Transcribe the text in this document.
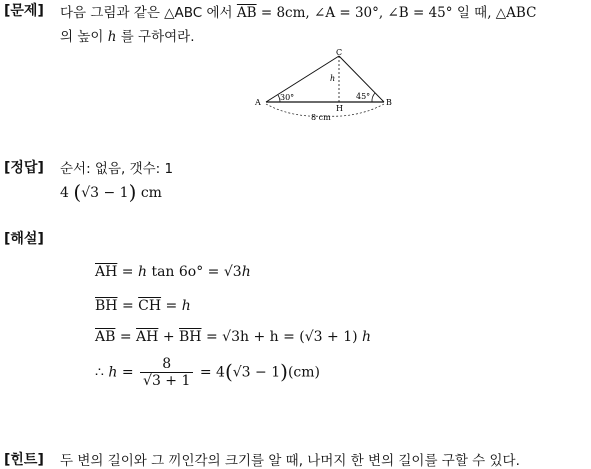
[문제] 다음 그림과 같은 △ABC 에서 $\overline{AB} = 8cm$, ∠A = 30°, ∠B = 45° 일 때, △ABC
의 높이 h 를 구하여라.
C
A	B
H
h
30°	45°
8 cm
[정답] 순서: 없음, 갯수: 1
4 (√3 − 1) cm
[해설]
$\overline{AH} = h$ tan 6o° = √3h
$\overline{BH} = \overline{CH} = h$
$\overline{AB} = \overline{AH} + \overline{BH} = √3h + h = (√3 + 1)$ h
∴ $h = \frac{8}{√3 + 1} = 4(√3 - 1)(cm)$
[힌트] 두 변의 길이와 그 끼인각의 크기를 알 때, 나머지 한 변의 길이를 구할 수 있다.
